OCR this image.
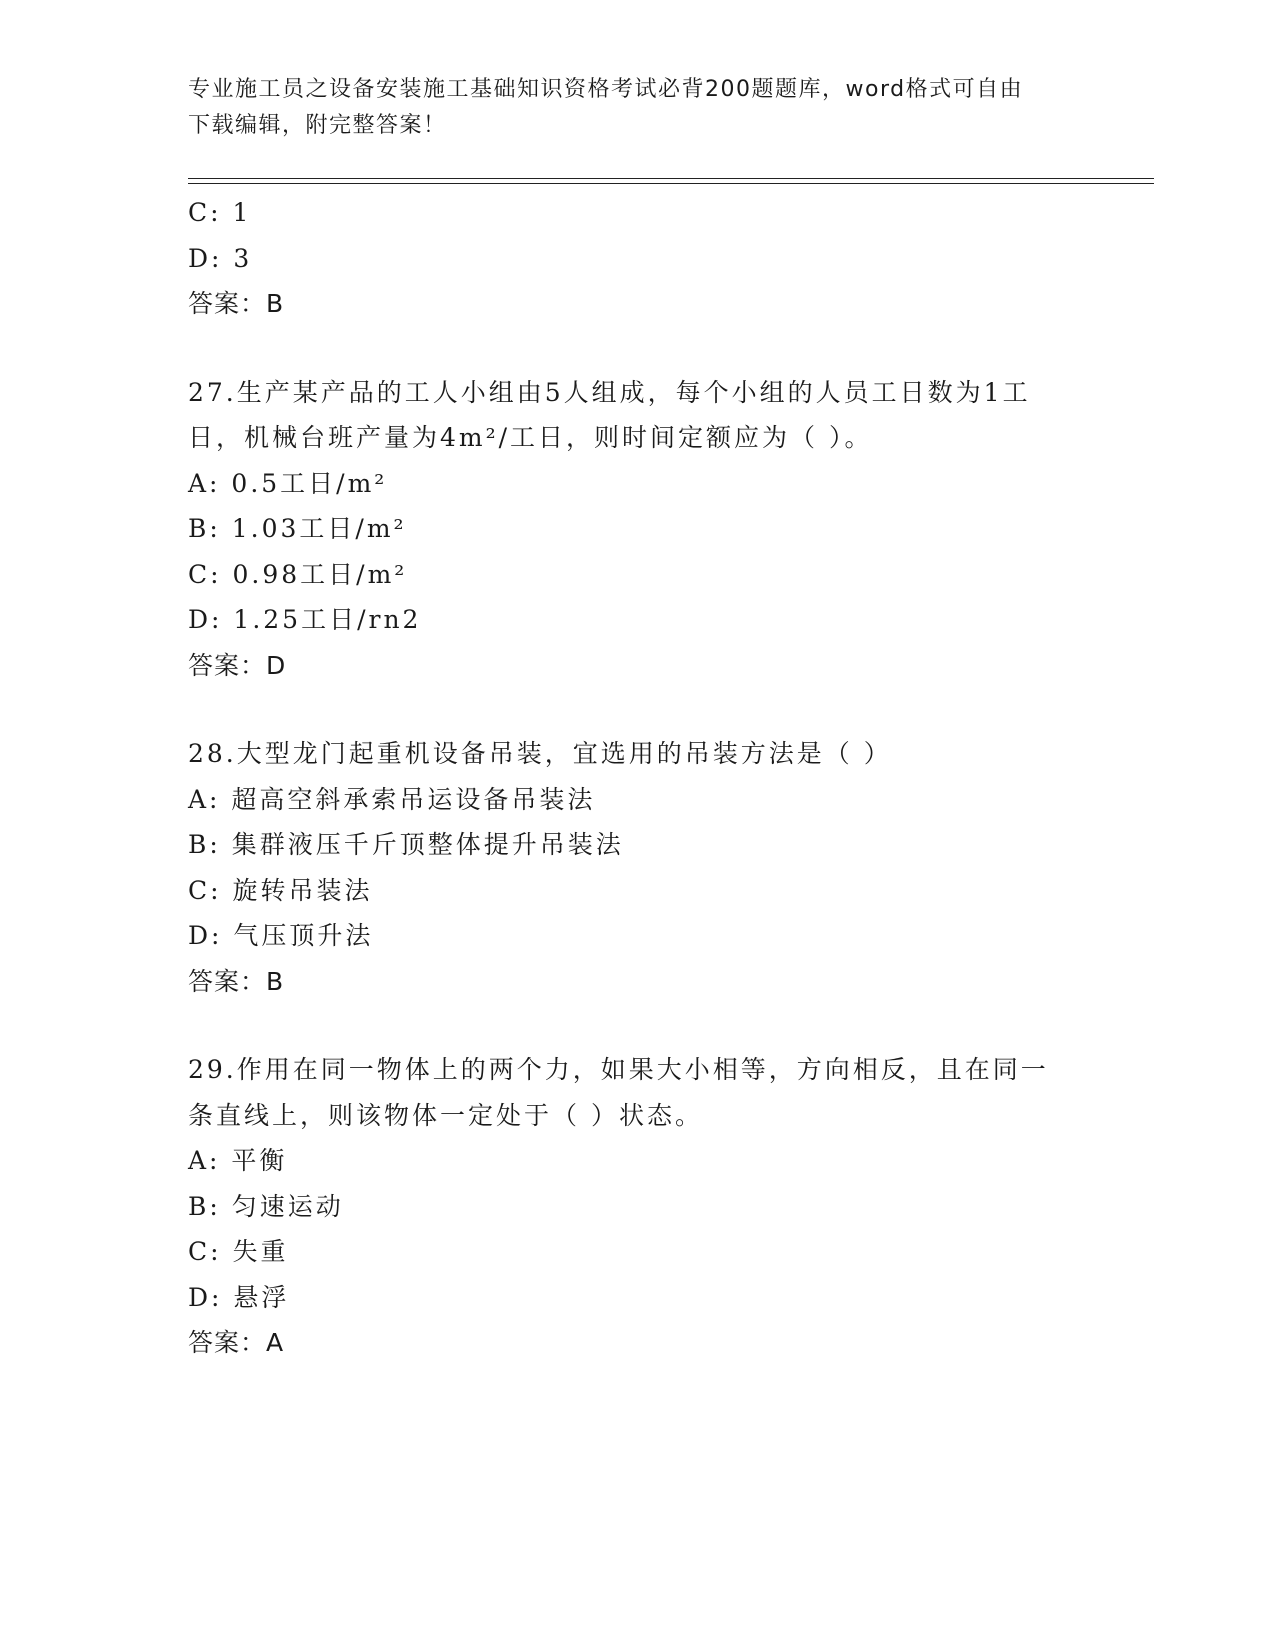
专业施工员之设备安装施工基础知识资格考试必背200题题库，word格式可自由
下载编辑，附完整答案！
C: 1
D: 3
答案：B
27.生产某产品的工人小组由5人组成，每个小组的人员工日数为1工
日，机械台班产量为4m²/工日，则时间定额应为（ ）。
A: 0.5工日/m²
B: 1.03工日/m²
C: 0.98工日/m²
D: 1.25工日/rn2
答案：D
28.大型龙门起重机设备吊装，宜选用的吊装方法是（ ）
A: 超高空斜承索吊运设备吊装法
B: 集群液压千斤顶整体提升吊装法
C: 旋转吊装法
D: 气压顶升法
答案：B
29.作用在同一物体上的两个力，如果大小相等，方向相反，且在同一
条直线上，则该物体一定处于（ ）状态。
A: 平衡
B: 匀速运动
C: 失重
D: 悬浮
答案：A
